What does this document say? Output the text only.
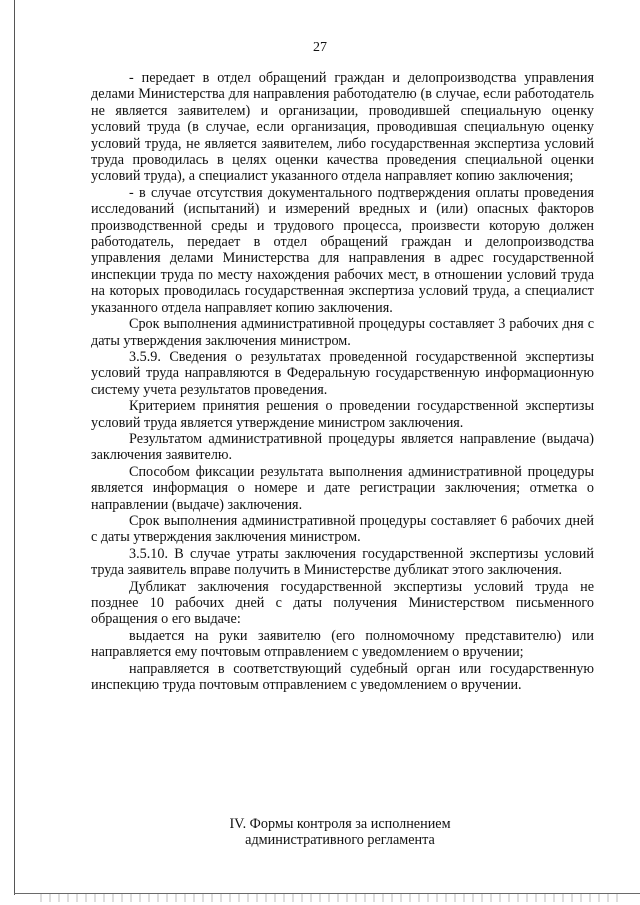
27

- передает в отдел обращений граждан и делопроизводства управления делами Министерства для направления работодателю (в случае, если работодатель не является заявителем) и организации, проводившей специальную оценку условий труда (в случае, если организация, проводившая специальную оценку условий труда, не является заявителем, либо государственная экспертиза условий труда проводилась в целях оценки качества проведения специальной оценки условий труда), а специалист указанного отдела направляет копию заключения;

- в случае отсутствия документального подтверждения оплаты проведения исследований (испытаний) и измерений вредных и (или) опасных факторов производственной среды и трудового процесса, произвести которую должен работодатель, передает в отдел обращений граждан и делопроизводства управления делами Министерства для направления в адрес государственной инспекции труда по месту нахождения рабочих мест, в отношении условий труда на которых проводилась государственная экспертиза условий труда, а специалист указанного отдела направляет копию заключения.

Срок выполнения административной процедуры составляет 3 рабочих дня с даты утверждения заключения министром.

3.5.9. Сведения о результатах проведенной государственной экспертизы условий труда направляются в Федеральную государственную информационную систему учета результатов проведения.

Критерием принятия решения о проведении государственной экспертизы условий труда является утверждение министром заключения.

Результатом административной процедуры является направление (выдача) заключения заявителю.

Способом фиксации результата выполнения административной процедуры является информация о номере и дате регистрации заключения; отметка о направлении (выдаче) заключения.

Срок выполнения административной процедуры составляет 6 рабочих дней с даты утверждения заключения министром.

3.5.10. В случае утраты заключения государственной экспертизы условий труда заявитель вправе получить в Министерстве дубликат этого заключения.

Дубликат заключения государственной экспертизы условий труда не позднее 10 рабочих дней с даты получения Министерством письменного обращения о его выдаче:

выдается на руки заявителю (его полномочному представителю) или направляется ему почтовым отправлением с уведомлением о вручении;

направляется в соответствующий судебный орган или государственную инспекцию труда почтовым отправлением с уведомлением о вручении.

IV. Формы контроля за исполнением
административного регламента
